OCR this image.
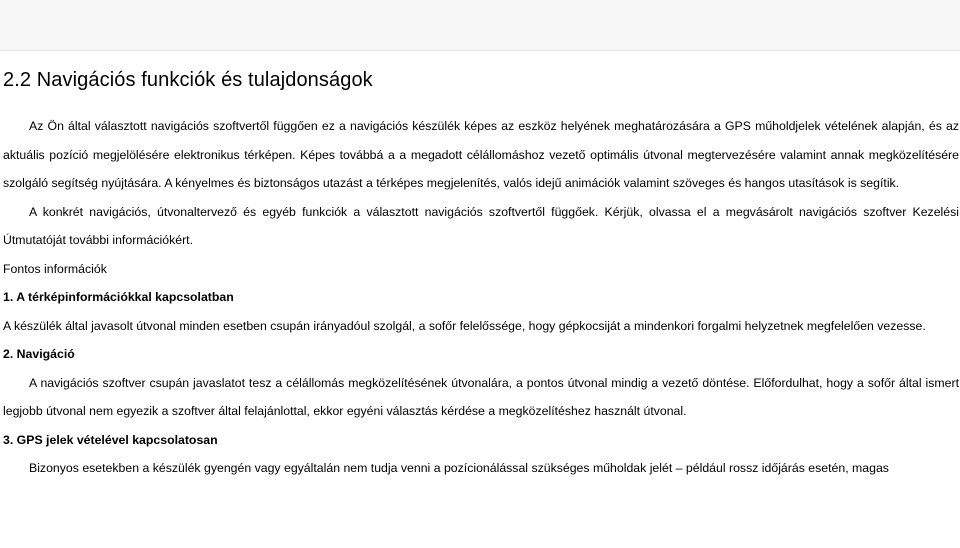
2.2 Navigációs funkciók és tulajdonságok

Az Ön által választott navigációs szoftvertől függően ez a navigációs készülék képes az eszköz helyének meghatározására a GPS műholdjelek vételének alapján, és az aktuális pozíció megjelölésére elektronikus térképen. Képes továbbá a a megadott célállomáshoz vezető optimális útvonal megtervezésére valamint annak megközelítésére szolgáló segítség nyújtására. A kényelmes és biztonságos utazást a térképes megjelenítés, valós idejű animációk valamint szöveges és hangos utasítások is segítik.

A konkrét navigációs, útvonaltervező és egyéb funkciók a választott navigációs szoftvertől függőek. Kérjük, olvassa el a megvásárolt navigációs szoftver Kezelési Útmutatóját további információkért.

Fontos információk

1. A térképinformációkkal kapcsolatban

A készülék által javasolt útvonal minden esetben csupán irányadóul szolgál, a sofőr felelőssége, hogy gépkocsiját a mindenkori forgalmi helyzetnek megfelelően vezesse.

2. Navigáció

A navigációs szoftver csupán javaslatot tesz a célállomás megközelítésének útvonalára, a pontos útvonal mindig a vezető döntése. Előfordulhat, hogy a sofőr által ismert legjobb útvonal nem egyezik a szoftver által felajánlottal, ekkor egyéni választás kérdése a megközelítéshez használt útvonal.

3. GPS jelek vételével kapcsolatosan

Bizonyos esetekben a készülék gyengén vagy egyáltalán nem tudja venni a pozícionálással szükséges műholdak jelét – például rossz időjárás esetén, magas
